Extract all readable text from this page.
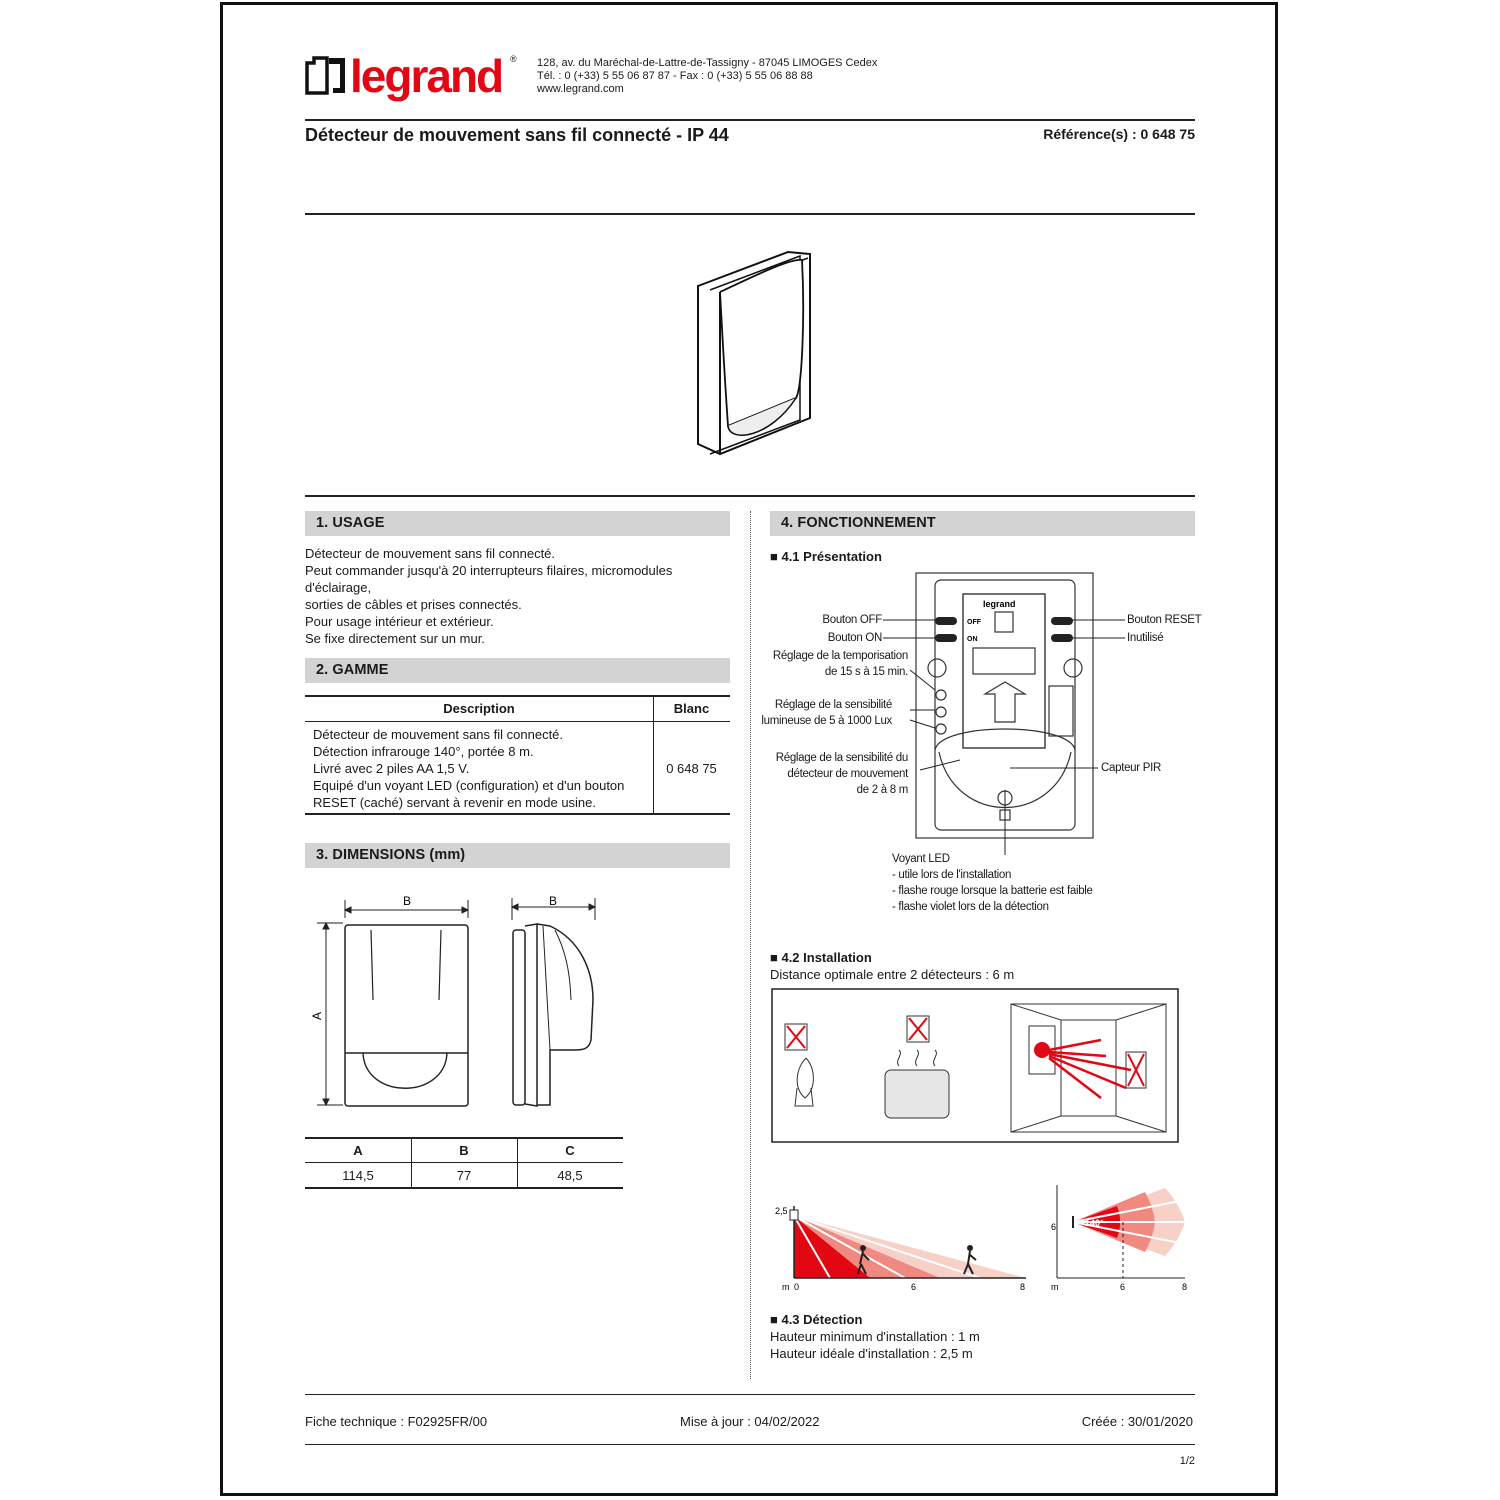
legrand ® 128, av. du Maréchal-de-Lattre-de-Tassigny - 87045 LIMOGES Cedex
Tél. : 0 (+33) 5 55 06 87 87 - Fax : 0 (+33) 5 55 06 88 88
www.legrand.com
Détecteur de mouvement sans fil connecté - IP 44	Référence(s) : 0 648 75
1. USAGE
Détecteur de mouvement sans fil connecté.
Peut commander jusqu'à 20 interrupteurs filaires, micromodules d'éclairage,
sorties de câbles et prises connectés.
Pour usage intérieur et extérieur.
Se fixe directement sur un mur.
2. GAMME
Description	Blanc
Détecteur de mouvement sans fil connecté.
Détection infrarouge 140°, portée 8 m.
Livré avec 2 piles AA 1,5 V.
Equipé d'un voyant LED (configuration) et d'un bouton
RESET (caché) servant à revenir en mode usine.
0 648 75
3. DIMENSIONS (mm)
B	B
A
A	B	C
114,5	77	48,5
4. FONCTIONNEMENT
■ 4.1 Présentation
legrand
OFF
ON
Bouton OFF
Bouton ON
Réglage de la temporisation
de 15 s à 15 min.
Réglage de la sensibilité
lumineuse de 5 à 1000 Lux
Réglage de la sensibilité du
détecteur de mouvement
de 2 à 8 m
Bouton RESET
Inutilisé
Capteur PIR
Voyant LED
- utile lors de l'installation
- flashe rouge lorsque la batterie est faible
- flashe violet lors de la détection
■ 4.2 Installation
Distance optimale entre 2 détecteurs : 6 m
2,5
m 0	6	8
6	140°
m	6	8
■ 4.3 Détection
Hauteur minimum d'installation : 1 m
Hauteur idéale d'installation : 2,5 m
Fiche technique : F02925FR/00	Mise à jour : 04/02/2022	Créée : 30/01/2020
1/2
